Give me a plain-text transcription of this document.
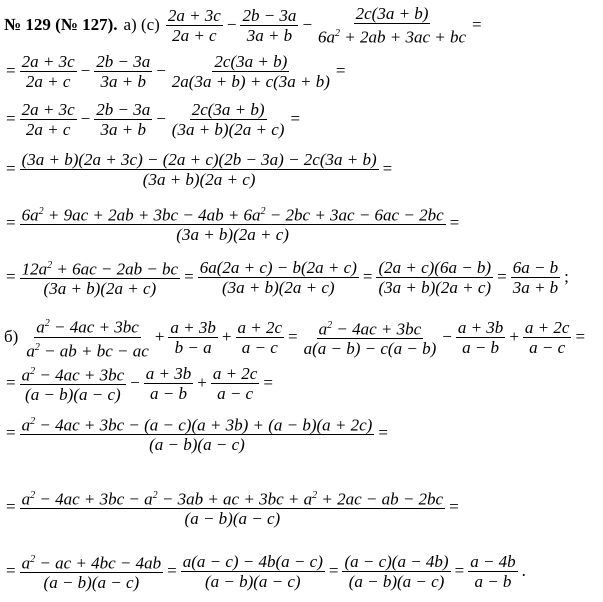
№ 129 (№ 127). а) $(с) \frac{2a + 3c}{2a + c} - \frac{2b - 3a}{3a + b} - \frac{2c(3a + b)}{6a^2 + 2ab + 3ac + bc}$ =
= $\frac{2a + 3c}{2a + c} - \frac{2b - 3a}{3a + b} - \frac{2c(3a + b)}{2a(3a + b) + c(3a + b)}$ =
= $\frac{2a + 3c}{2a + c} - \frac{2b - 3a}{3a + b} - \frac{2c(3a + b)}{(3a + b)(2a + c)}$ =
= $\frac{(3a + b)(2a + 3c) - (2a + c)(2b - 3a) - 2c(3a + b)}{(3a + b)(2a + c)}$ =
= $\frac{6a^2 + 9ac + 2ab + 3bc - 4ab + 6a^2 - 2bc + 3ac - 6ac - 2bc}{(3a + b)(2a + c)}$ =
= $\frac{12a^2 + 6ac - 2ab - bc}{(3a + b)(2a + c)} = \frac{6a(2a + c) - b(2a + c)}{(3a + b)(2a + c)} = \frac{(2a + c)(6a - b)}{(3a + b)(2a + c)} = \frac{6a - b}{3a + b}$ ;
$б) \frac{a^2 - 4ac + 3bc}{a^2 - ab + bc - ac} + \frac{a + 3b}{b - a} + \frac{a + 2c}{a - c} = \frac{a^2 - 4ac + 3bc}{a(a - b) - c(a - b)} - \frac{a + 3b}{a - b} + \frac{a + 2c}{a - c}$ =
= $\frac{a^2 - 4ac + 3bc}{(a - b)(a - c)} - \frac{a + 3b}{a - b} + \frac{a + 2c}{a - c}$ =
= $\frac{a^2 - 4ac + 3bc - (a - c)(a + 3b) + (a - b)(a + 2c)}{(a - b)(a - c)}$ =
= $\frac{a^2 - 4ac + 3bc - a^2 - 3ab + ac + 3bc + a^2 + 2ac - ab - 2bc}{(a - b)(a - c)}$ =
= $\frac{a^2 - ac + 4bc - 4ab}{(a - b)(a - c)} = \frac{a(a - c) - 4b(a - c)}{(a - b)(a - c)} = \frac{(a - c)(a - 4b)}{(a - b)(a - c)} = \frac{a - 4b}{a - b}$ .
